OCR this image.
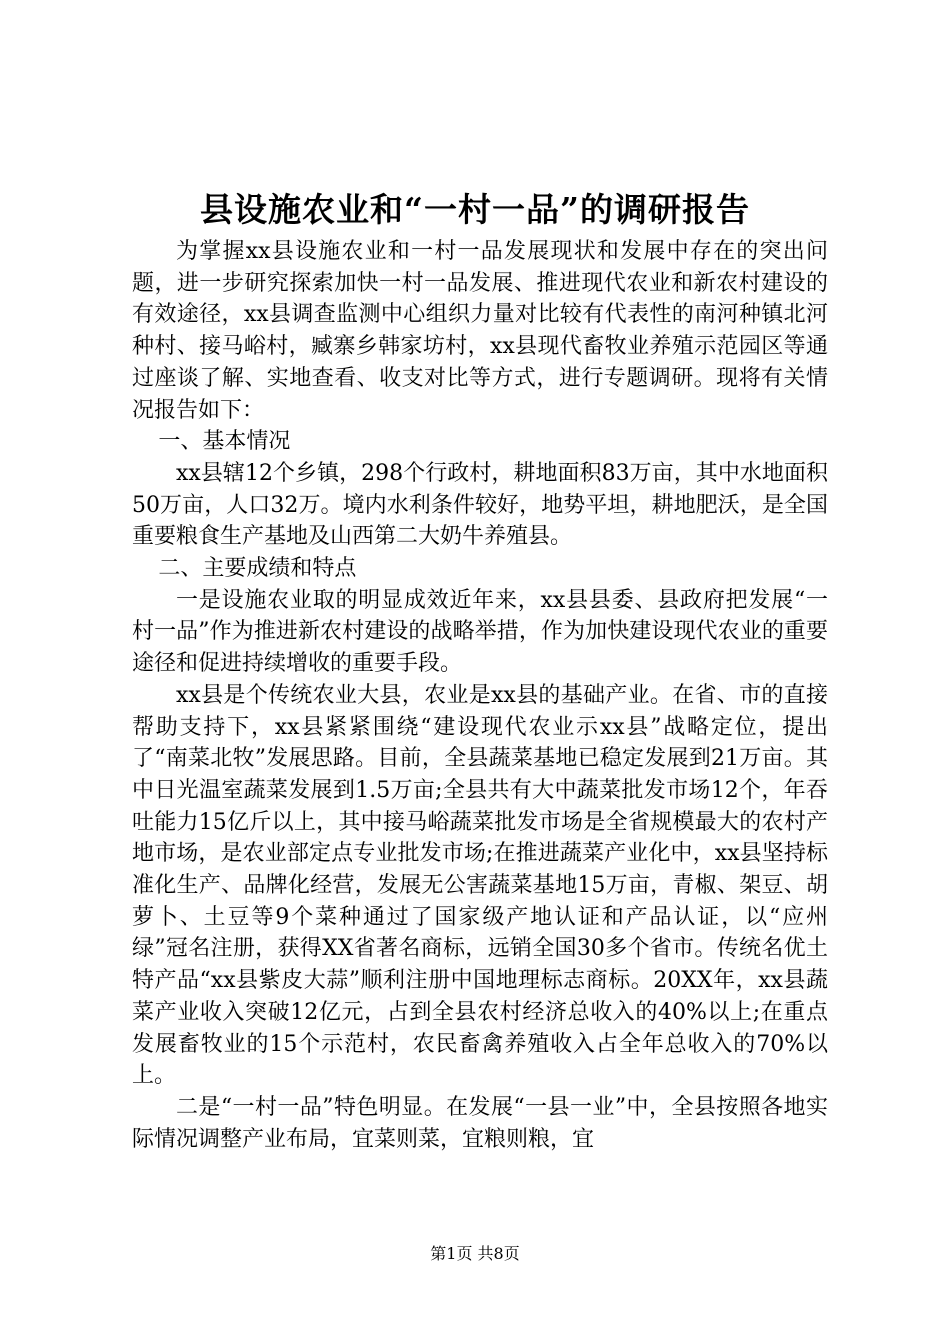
县设施农业和“一村一品”的调研报告

为掌握xx县设施农业和一村一品发展现状和发展中存在的突出问题，进一步研究探索加快一村一品发展、推进现代农业和新农村建设的有效途径，xx县调查监测中心组织力量对比较有代表性的南河种镇北河种村、接马峪村，臧寨乡韩家坊村，xx县现代畜牧业养殖示范园区等通过座谈了解、实地查看、收支对比等方式，进行专题调研。现将有关情况报告如下：

一、基本情况

xx县辖12个乡镇，298个行政村，耕地面积83万亩，其中水地面积50万亩，人口32万。境内水利条件较好，地势平坦，耕地肥沃，是全国重要粮食生产基地及山西第二大奶牛养殖县。

二、主要成绩和特点

一是设施农业取的明显成效近年来，xx县县委、县政府把发展“一村一品”作为推进新农村建设的战略举措，作为加快建设现代农业的重要途径和促进持续增收的重要手段。

xx县是个传统农业大县，农业是xx县的基础产业。在省、市的直接帮助支持下，xx县紧紧围绕“建设现代农业示xx县”战略定位，提出了“南菜北牧”发展思路。目前，全县蔬菜基地已稳定发展到21万亩。其中日光温室蔬菜发展到1.5万亩;全县共有大中蔬菜批发市场12个，年吞吐能力15亿斤以上，其中接马峪蔬菜批发市场是全省规模最大的农村产地市场，是农业部定点专业批发市场;在推进蔬菜产业化中，xx县坚持标准化生产、品牌化经营，发展无公害蔬菜基地15万亩，青椒、架豆、胡萝卜、土豆等9个菜种通过了国家级产地认证和产品认证，以“应州绿”冠名注册，获得XX省著名商标，远销全国30多个省市。传统名优土特产品“xx县紫皮大蒜”顺利注册中国地理标志商标。20XX年，xx县蔬菜产业收入突破12亿元，占到全县农村经济总收入的40%以上;在重点发展畜牧业的15个示范村，农民畜禽养殖收入占全年总收入的70%以上。

二是“一村一品”特色明显。在发展“一县一业”中，全县按照各地实际情况调整产业布局，宜菜则菜，宜粮则粮，宜

第1页 共8页
